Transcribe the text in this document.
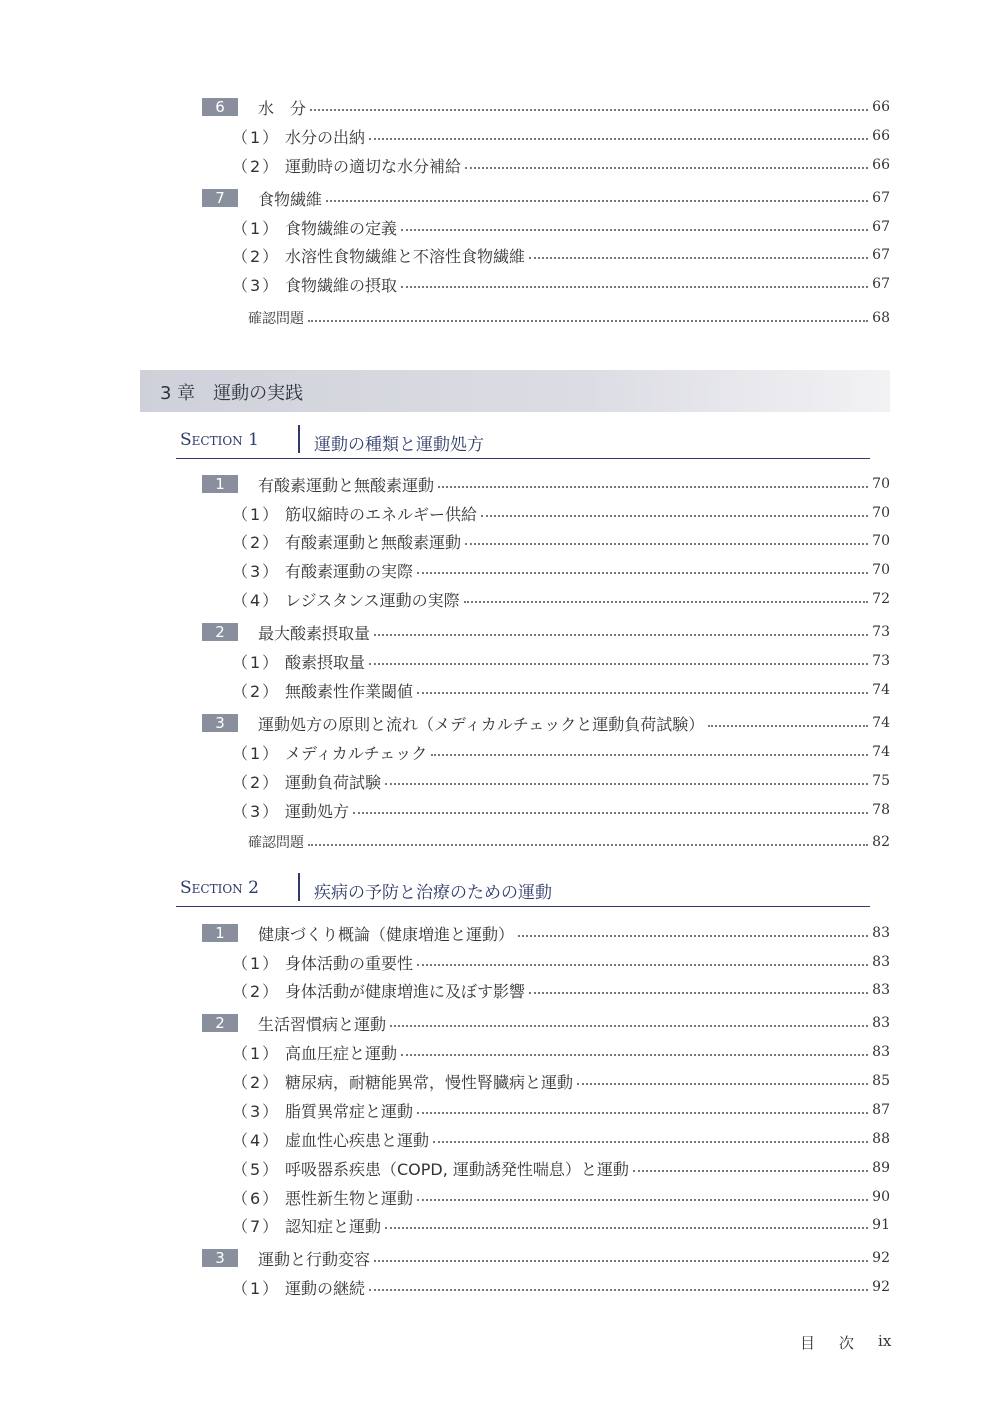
6	水　分	66
（1） 水分の出納	66
（2） 運動時の適切な水分補給	66
7	食物繊維	67
（1） 食物繊維の定義	67
（2） 水溶性食物繊維と不溶性食物繊維	67
（3） 食物繊維の摂取	67
確認問題	68
3 章　運動の実践
Section 1	運動の種類と運動処方
1	有酸素運動と無酸素運動	70
（1） 筋収縮時のエネルギー供給	70
（2） 有酸素運動と無酸素運動	70
（3） 有酸素運動の実際	70
（4） レジスタンス運動の実際	72
2	最大酸素摂取量	73
（1） 酸素摂取量	73
（2） 無酸素性作業閾値	74
3	運動処方の原則と流れ（メディカルチェックと運動負荷試験）	74
（1） メディカルチェック	74
（2） 運動負荷試験	75
（3） 運動処方	78
確認問題	82
Section 2	疾病の予防と治療のための運動
1	健康づくり概論（健康増進と運動）	83
（1） 身体活動の重要性	83
（2） 身体活動が健康増進に及ぼす影響	83
2	生活習慣病と運動	83
（1） 高血圧症と運動	83
（2） 糖尿病，耐糖能異常，慢性腎臓病と運動	85
（3） 脂質異常症と運動	87
（4） 虚血性心疾患と運動	88
（5） 呼吸器系疾患（COPD, 運動誘発性喘息）と運動	89
（6） 悪性新生物と運動	90
（7） 認知症と運動	91
3	運動と行動変容	92
（1） 運動の継続	92
目 次 ix
